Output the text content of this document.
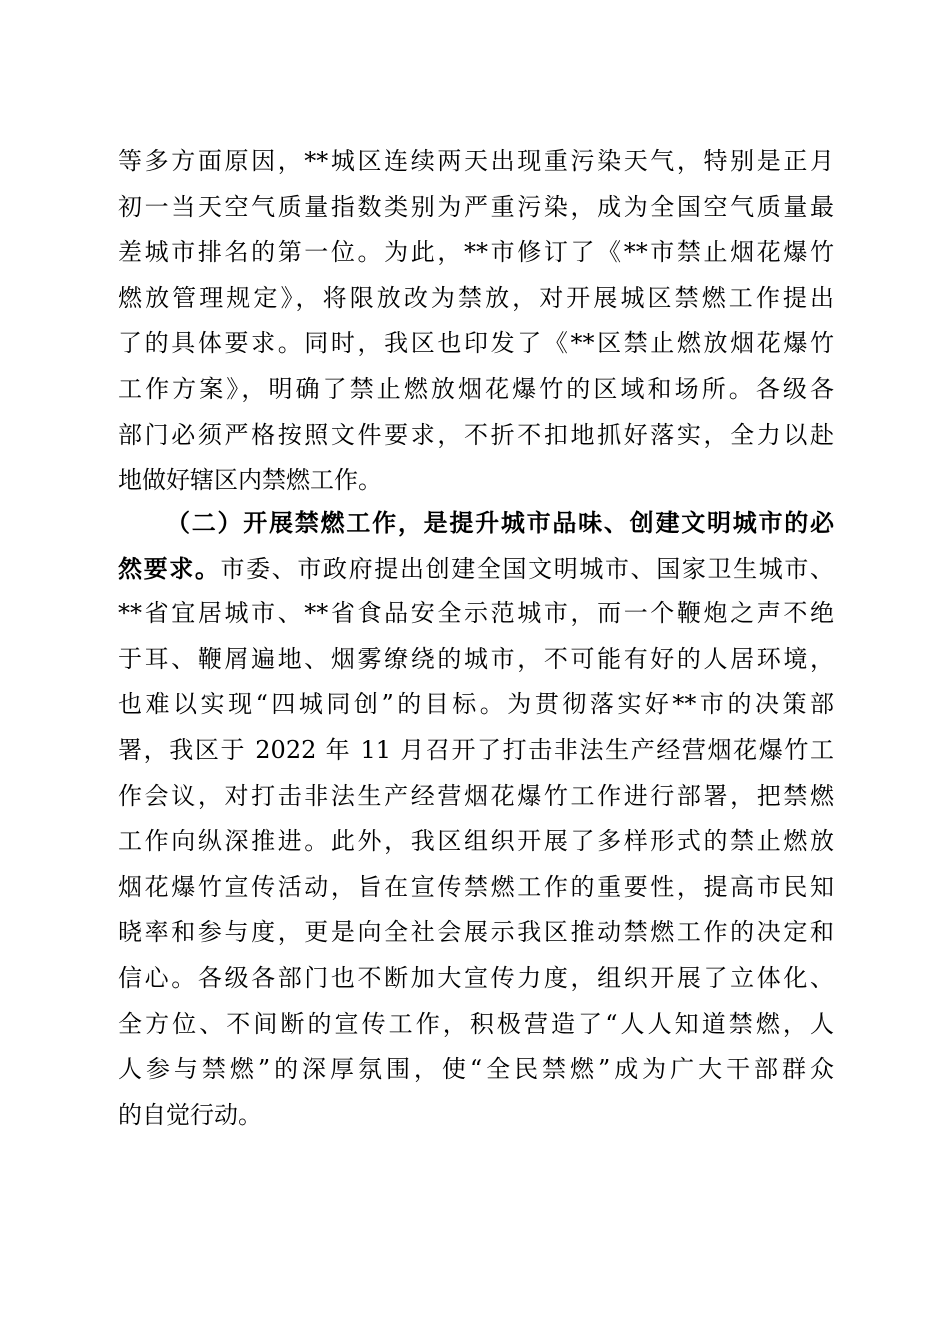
等多方面原因，**城区连续两天出现重污染天气，特别是正月
初一当天空气质量指数类别为严重污染，成为全国空气质量最
差城市排名的第一位。为此，**市修订了《**市禁止烟花爆竹
燃放管理规定》，将限放改为禁放，对开展城区禁燃工作提出
了的具体要求。同时，我区也印发了《**区禁止燃放烟花爆竹
工作方案》，明确了禁止燃放烟花爆竹的区域和场所。各级各
部门必须严格按照文件要求，不折不扣地抓好落实，全力以赴
地做好辖区内禁燃工作。
（二）开展禁燃工作，是提升城市品味、创建文明城市的必
然要求。市委、市政府提出创建全国文明城市、国家卫生城市、
**省宜居城市、**省食品安全示范城市，而一个鞭炮之声不绝
于耳、鞭屑遍地、烟雾缭绕的城市，不可能有好的人居环境，
也难以实现“四城同创”的目标。为贯彻落实好**市的决策部
署，我区于 2022 年 11 月召开了打击非法生产经营烟花爆竹工
作会议，对打击非法生产经营烟花爆竹工作进行部署，把禁燃
工作向纵深推进。此外，我区组织开展了多样形式的禁止燃放
烟花爆竹宣传活动，旨在宣传禁燃工作的重要性，提高市民知
晓率和参与度，更是向全社会展示我区推动禁燃工作的决定和
信心。各级各部门也不断加大宣传力度，组织开展了立体化、
全方位、不间断的宣传工作，积极营造了“人人知道禁燃，人
人参与禁燃”的深厚氛围，使“全民禁燃”成为广大干部群众
的自觉行动。
